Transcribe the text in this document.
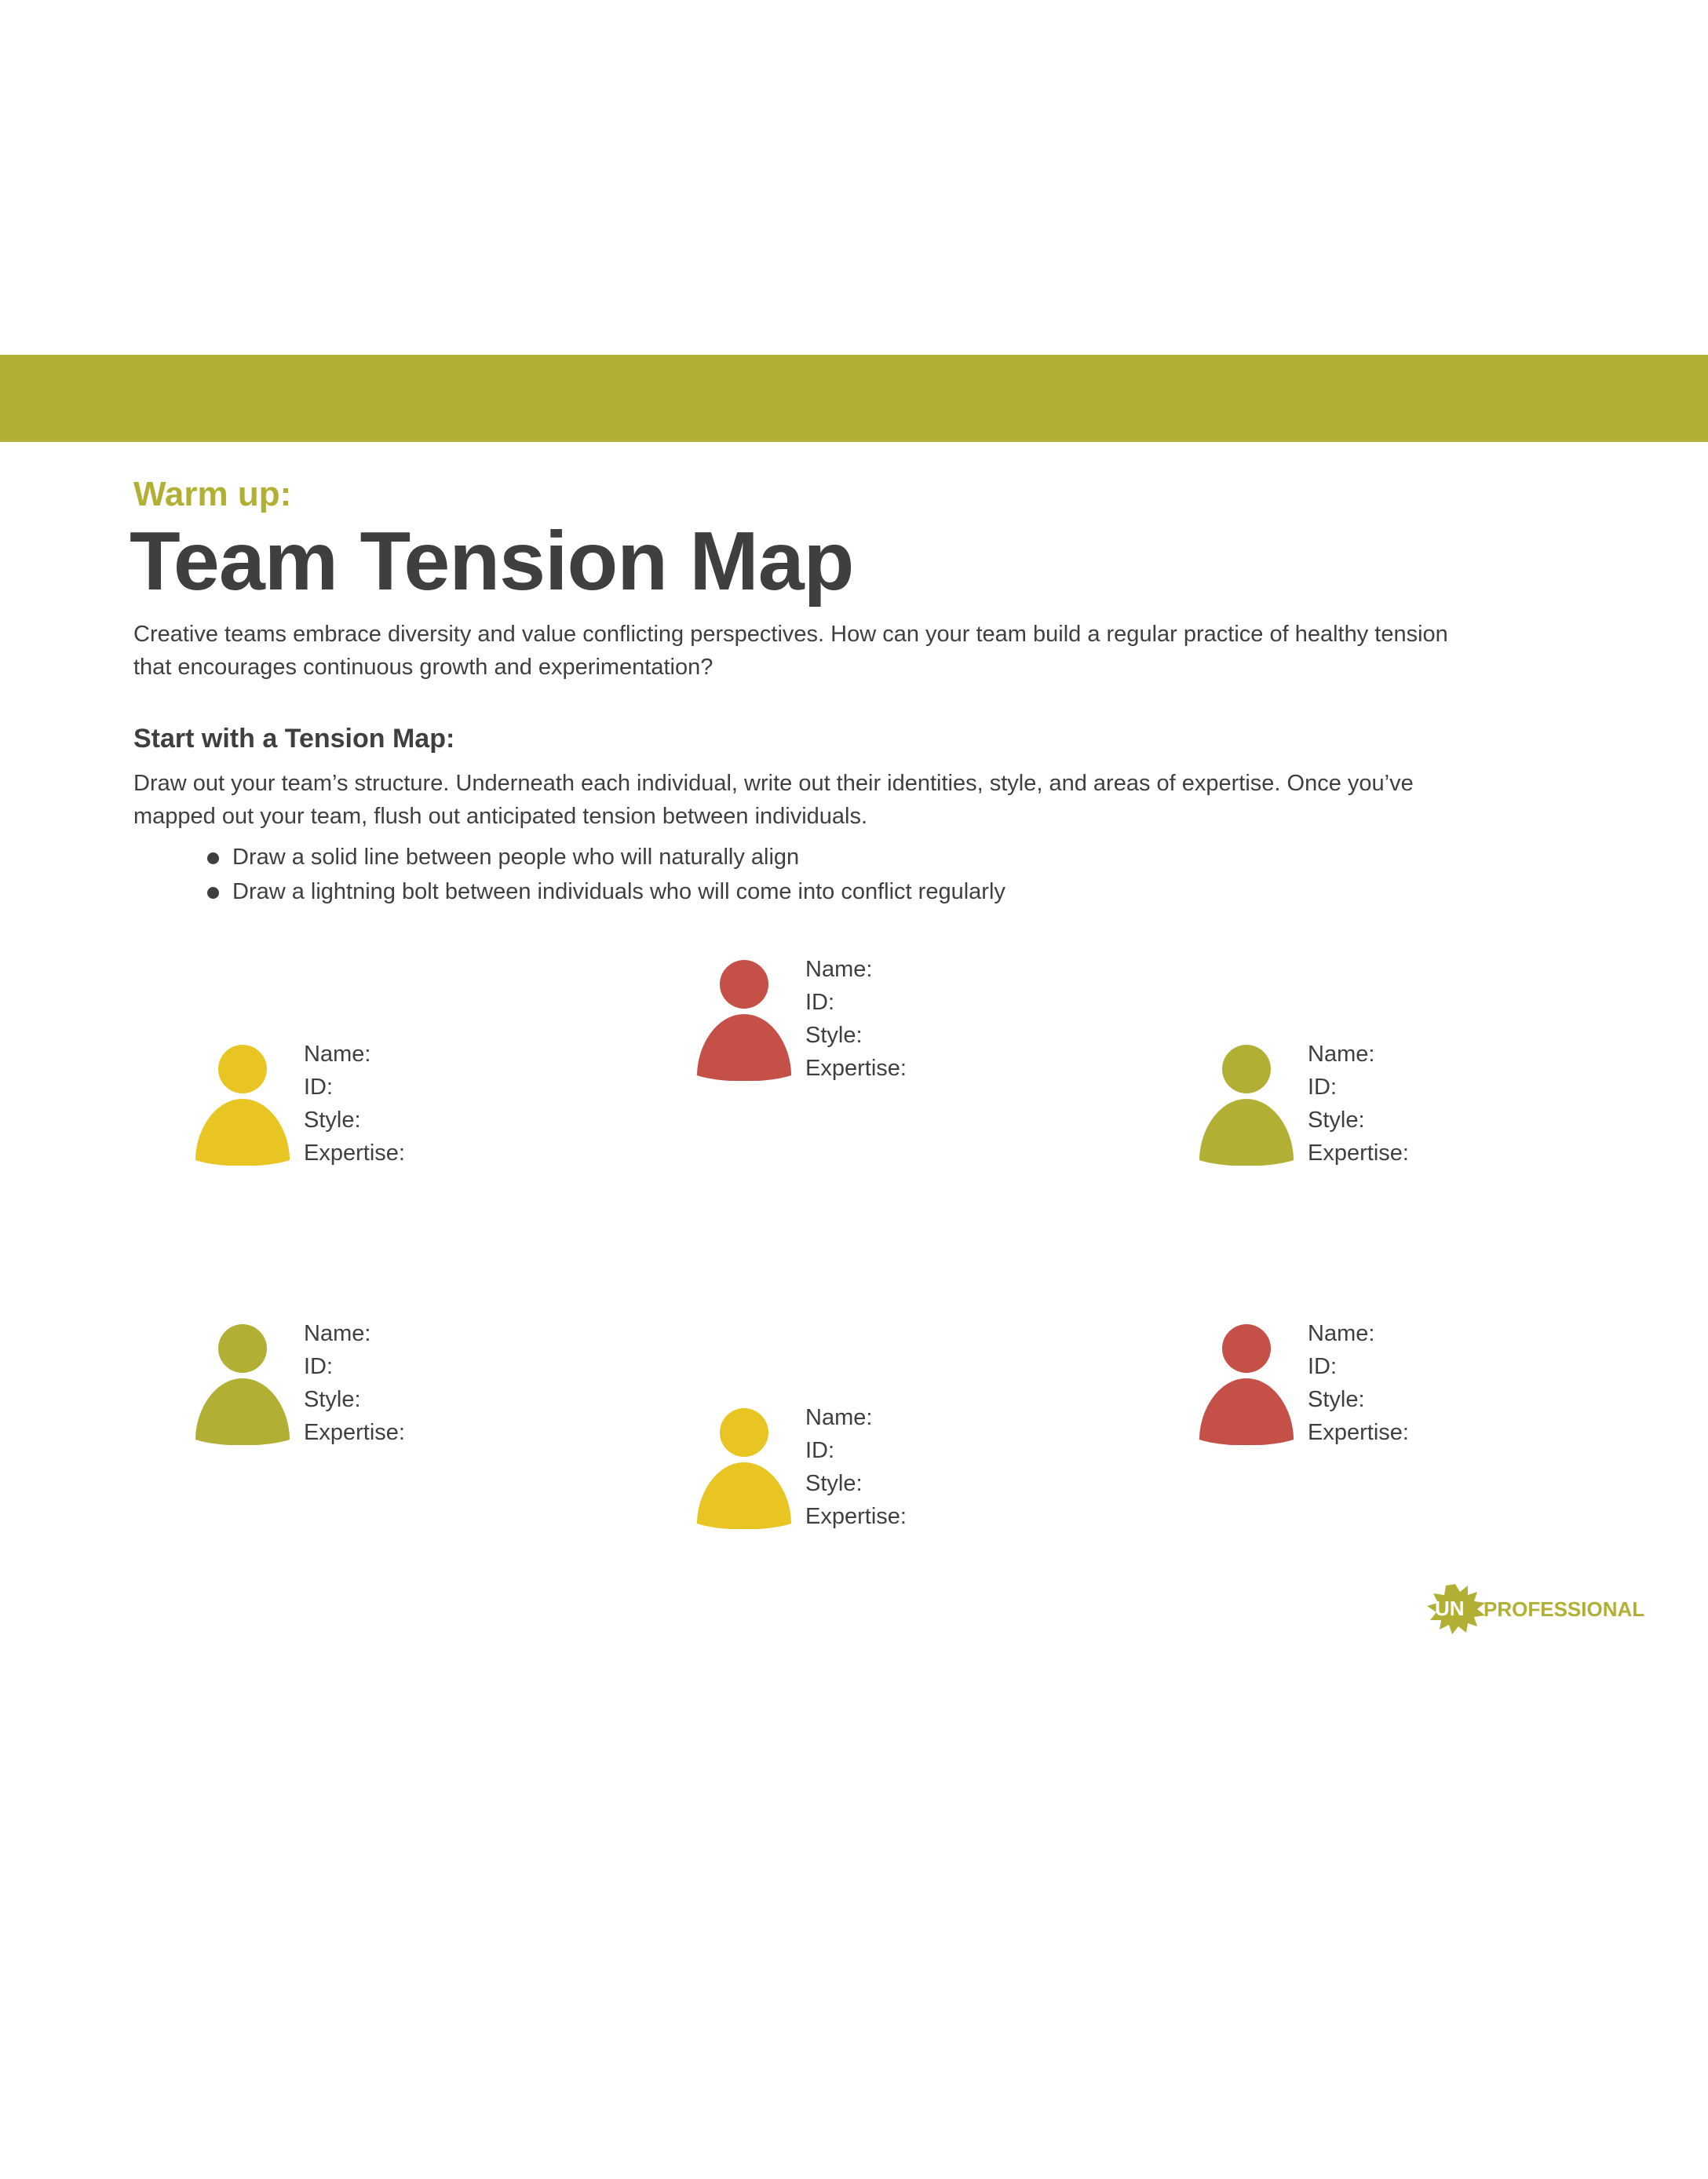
Warm up:
Team Tension Map

Creative teams embrace diversity and value conflicting perspectives. How can your team build a regular practice of healthy tension that encourages continuous growth and experimentation?

Start with a Tension Map:

Draw out your team’s structure. Underneath each individual, write out their identities, style, and areas of expertise. Once you’ve mapped out your team, flush out anticipated tension between individuals.

Draw a solid line between people who will naturally align
Draw a lightning bolt between individuals who will come into conflict regularly
Name:
ID:
Style:
Expertise:
Name:
ID:
Style:
Expertise:
Name:
ID:
Style:
Expertise:
Name:
ID:
Style:
Expertise:
Name:
ID:
Style:
Expertise:
Name:
ID:
Style:
Expertise:
UN PROFESSIONAL
